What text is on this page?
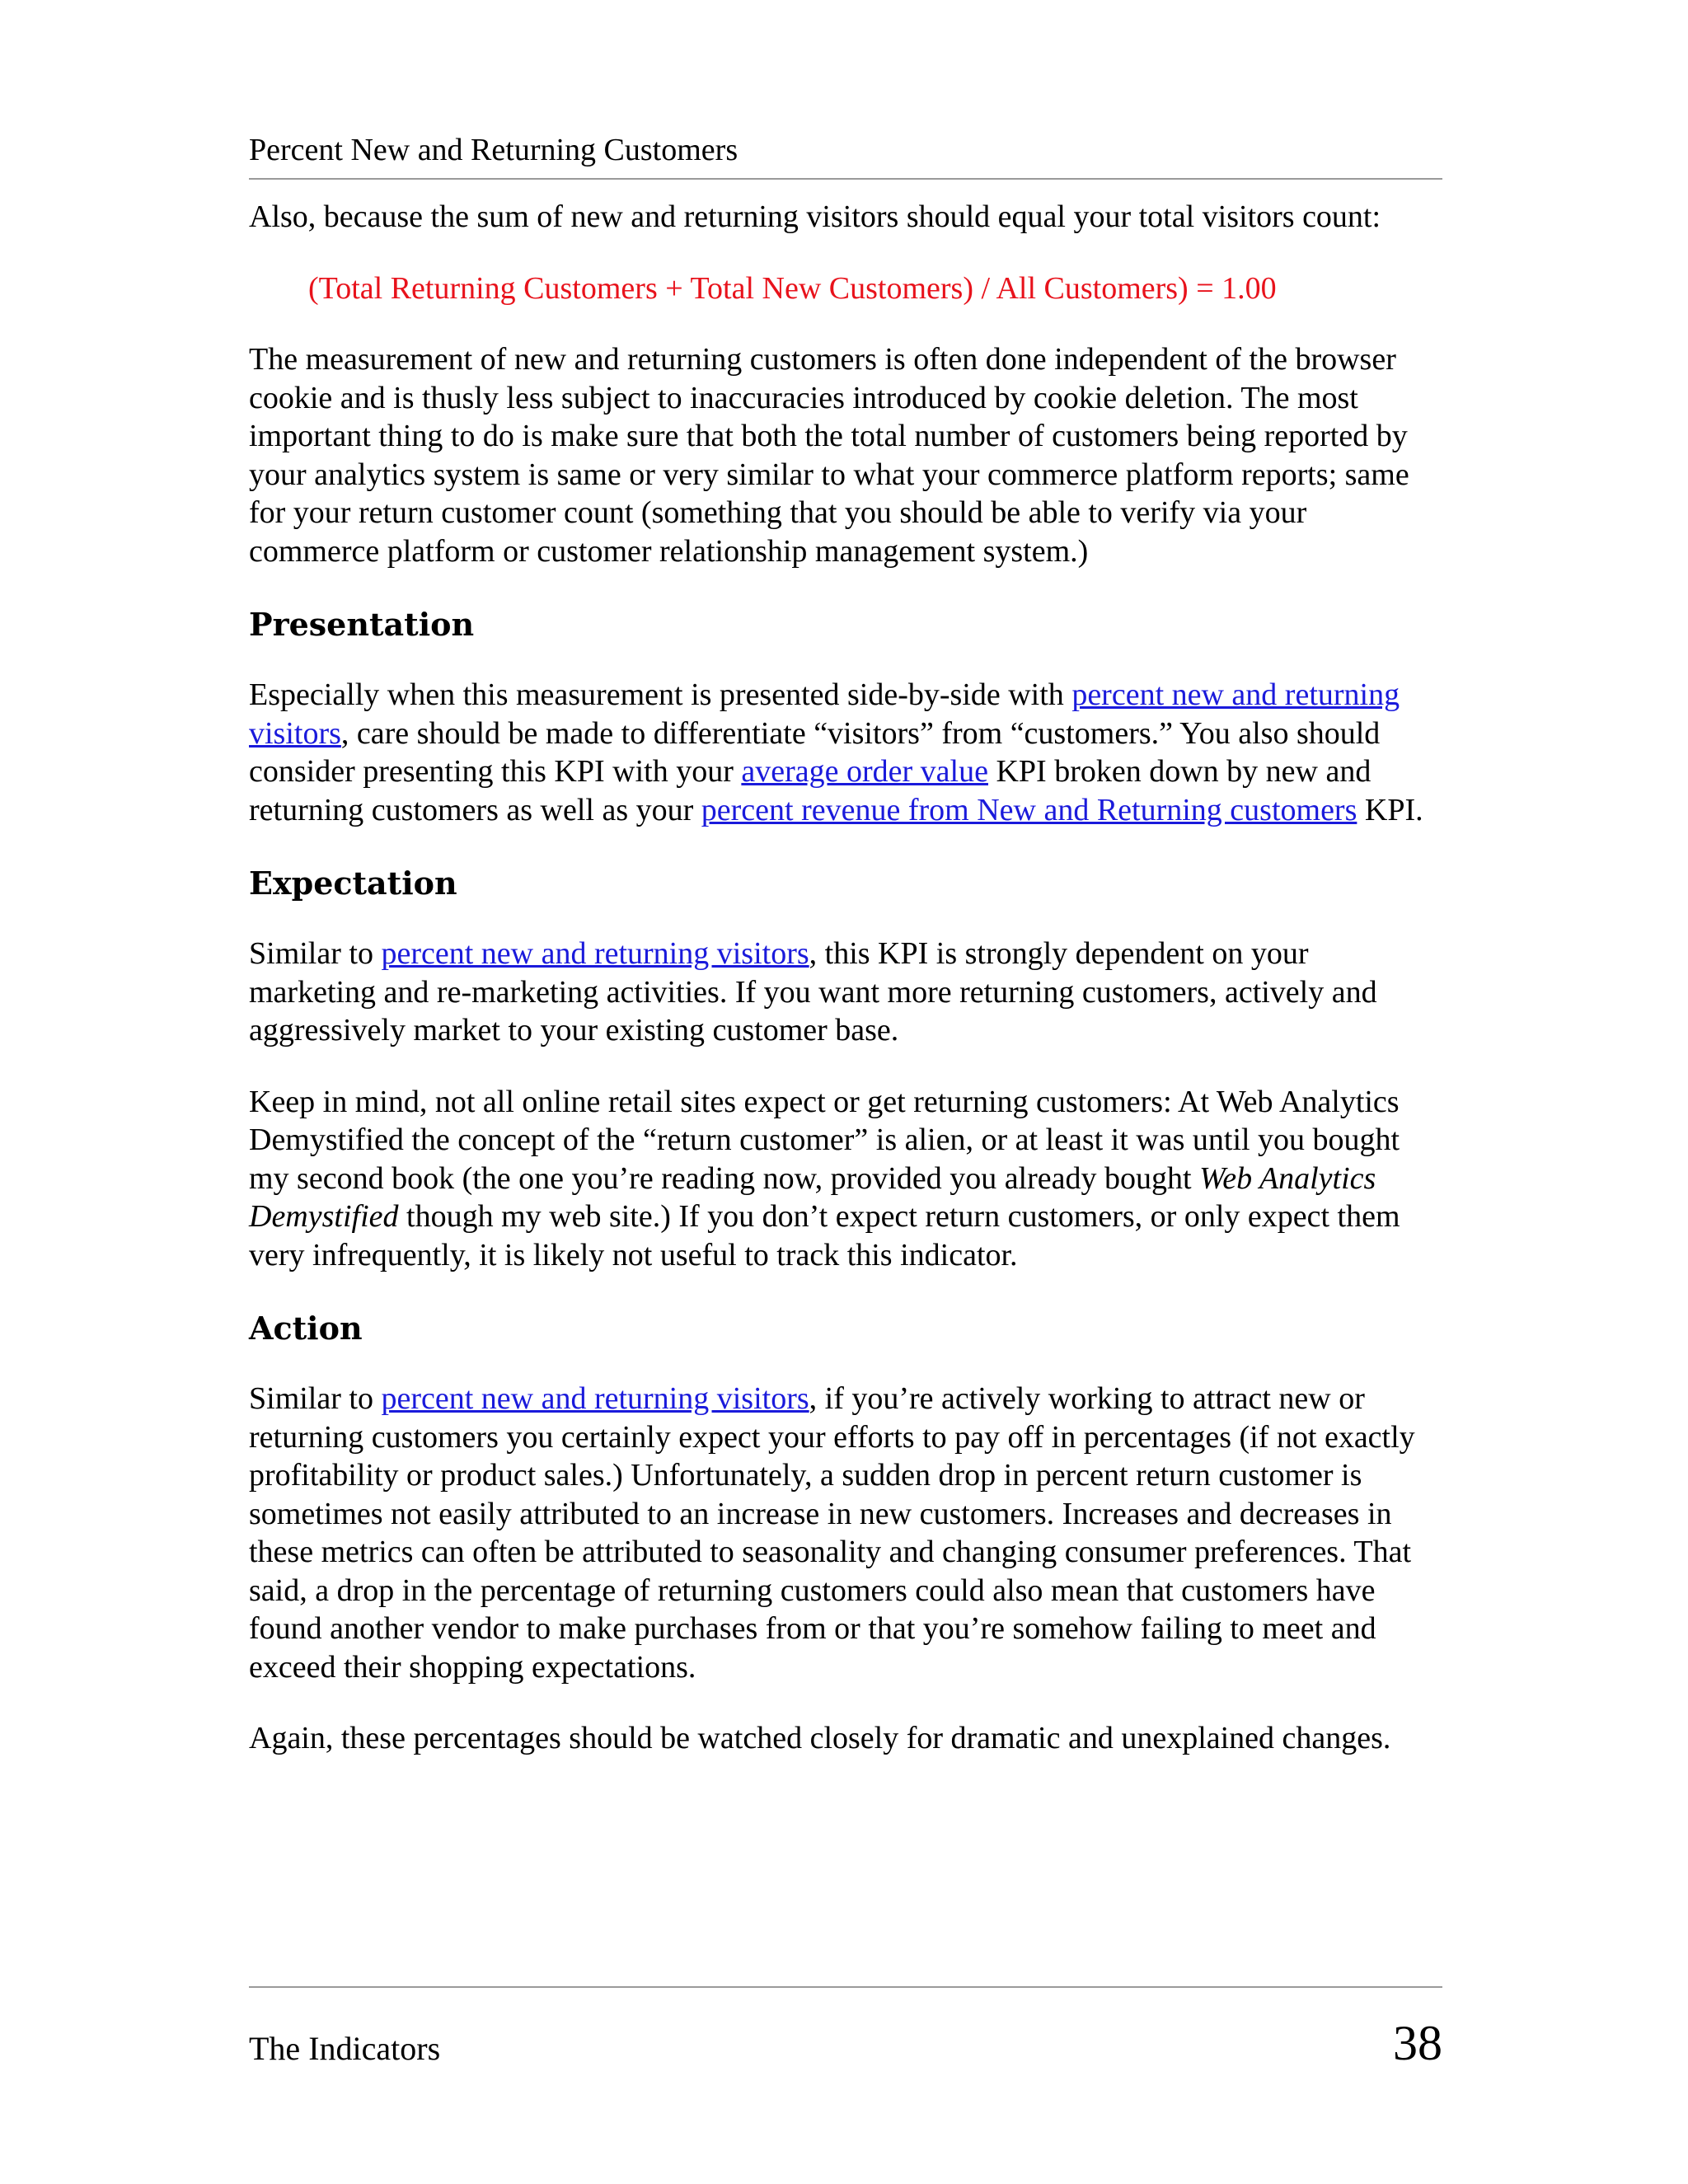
Percent New and Returning Customers

Also, because the sum of new and returning visitors should equal your total visitors count:

(Total Returning Customers + Total New Customers) / All Customers) = 1.00

The measurement of new and returning customers is often done independent of the browser cookie and is thusly less subject to inaccuracies introduced by cookie deletion. The most important thing to do is make sure that both the total number of customers being reported by your analytics system is same or very similar to what your commerce platform reports; same for your return customer count (something that you should be able to verify via your commerce platform or customer relationship management system.)

Presentation

Especially when this measurement is presented side-by-side with percent new and returning visitors, care should be made to differentiate “visitors” from “customers.” You also should consider presenting this KPI with your average order value KPI broken down by new and returning customers as well as your percent revenue from New and Returning customers KPI.

Expectation

Similar to percent new and returning visitors, this KPI is strongly dependent on your marketing and re-marketing activities. If you want more returning customers, actively and aggressively market to your existing customer base.

Keep in mind, not all online retail sites expect or get returning customers: At Web Analytics Demystified the concept of the “return customer” is alien, or at least it was until you bought my second book (the one you’re reading now, provided you already bought Web Analytics Demystified though my web site.) If you don’t expect return customers, or only expect them very infrequently, it is likely not useful to track this indicator.

Action

Similar to percent new and returning visitors, if you’re actively working to attract new or returning customers you certainly expect your efforts to pay off in percentages (if not exactly profitability or product sales.) Unfortunately, a sudden drop in percent return customer is sometimes not easily attributed to an increase in new customers. Increases and decreases in these metrics can often be attributed to seasonality and changing consumer preferences. That said, a drop in the percentage of returning customers could also mean that customers have found another vendor to make purchases from or that you’re somehow failing to meet and exceed their shopping expectations.

Again, these percentages should be watched closely for dramatic and unexplained changes.

The Indicators	38
